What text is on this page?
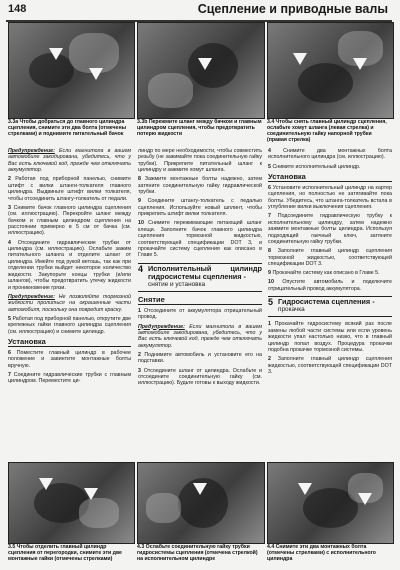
148	Сцепление и приводные валы
3.3а Чтобы добраться до главного цилиндра сцепления, снимите эти два болта (отмечены стрелками) и поднимите питательный бачок
3.3b Пережмите шланг между бачком и главным цилиндром сцепления, чтобы предотвратить потерю жидкости
3.4 Чтобы снять главный цилиндр сцепления, ослабьте хомут шланга (левая стрелка) и соединительную гайку напорной трубки (правая стрелка)

Предупреждение: Если магнитола в вашем автомобиле закодирована, убедитесь, что у Вас есть ключевой код, прежде чем отключать аккумулятор.

2 Работая под приборной панелью, снимите штифт с вилки штанги-толкателя главного цилиндра. Выдвиньте штифт вилки толкателя, чтобы отсоединить штангу-толкатель от педали.

3 Снимите бачок главного цилиндра сцепления (см. иллюстрацию). Перекройте шланг между бачком и главным цилиндром сцепления на расстоянии примерно в 5 см от бачка (см. иллюстрацию).

4 Отсоедините гидравлические трубки от цилиндра (см. иллюстрацию). Ослабьте зажим питательного шланга и отделите шланг от цилиндра. Имейте под рукой ветошь, так как при отделении трубки выйдет некоторое количество жидкости. Закупорьте концы трубки (и/или шлангов), чтобы предотвратить утечку жидкости и проникновение грязи.

Предупреждение: Не позволяйте тормозной жидкости пролиться на окрашенные части автомобиля, поскольку она повредит краску.

5 Работая под приборной панелью, открутите две крепежных гайки главного цилиндра сцепления (см. иллюстрацию) и снимите цилиндр.

Установка

6 Поместите главный цилиндр в рабочее положение и завинтите монтажные болты вручную.

7 Соедините гидравлические трубки с главным цилиндром. Переместите ци-

линдр по мере необходимости, чтобы совместить резьбу (не зажимайте пока соединительную гайку трубки). Прикрепите питательный шланг к цилиндру и зажмите хомут шланга.

8 Зажмите монтажные болты надежно, затем затяните соединительную гайку гидравлической трубки.

9 Соедините штангу-толкатель с педалью сцепления. Используйте новый шплинт, чтобы прикрепить штифт вилки толкателя.

10 Снимите пережимающие питающий шланг клещи. Заполните бачок главного цилиндра сцепления тормозной жидкостью, соответствующей спецификации DOT 3, и прокачайте систему сцепления как описано в Главе 5.

4 Исполнительный цилиндр гидросистемы сцепления -
снятие и установка
Снятие

1 Отсоедините от аккумулятора отрицательный провод.

Предупреждение: Если магнитола в вашем автомобиле закодирована, убедитесь, что у Вас есть ключевой код, прежде чем отключать аккумулятор.

2 Поднимите автомобиль и установите его на подставки.

3 Отсоедините шланг от цилиндра. Ослабьте и отсоедините соединительную гайку (см. иллюстрацию). Будьте готовы к выходу жидкости.

4 Снимите два монтажных болта исполнительного цилиндра (см. иллюстрацию).

5 Снимите исполнительный цилиндр.

Установка

6 Установите исполнительный цилиндр на картер сцепления, но полностью не затягивайте пока болты. Убедитесь, что штанга-толкатель встала в углубление вилки выключения сцепления.

7 Подсоедините гидравлическую трубку к исполнительному цилиндру, затем надежно зажмите монтажные болты цилиндра. Используя подходящий гаечный ключ, затяните соединительную гайку трубки.

8 Заполните главный цилиндр сцепления тормозной жидкостью, соответствующей спецификации DOT 3.

9 Прокачайте систему как описано в Главе 5.

10 Опустите автомобиль и подключите отрицательный провод аккумулятора.

5 Гидросистема сцепления -
прокачка

1 Прокачайте гидросистему всякий раз после замены любой части системы или если уровень жидкости упал настолько низко, что в главный цилиндр попал воздух. Процедура прокачки подобна прокачке тормозной системы.

2 Заполните главный цилиндр сцепления жидкостью, соответствующей спецификации DOT 3.

3.5 Чтобы отделить главный цилиндр сцепления от перегородки, снимите эти две монтажные гайки (отмечены стрелками)
4.3 Ослабьте соединительную гайку трубки гидросистемы сцепления (отмечена стрелкой) на исполнительном цилиндре
4.4 Снимите эти два монтажных болта (отмечены стрелками) с исполнительного цилиндра
